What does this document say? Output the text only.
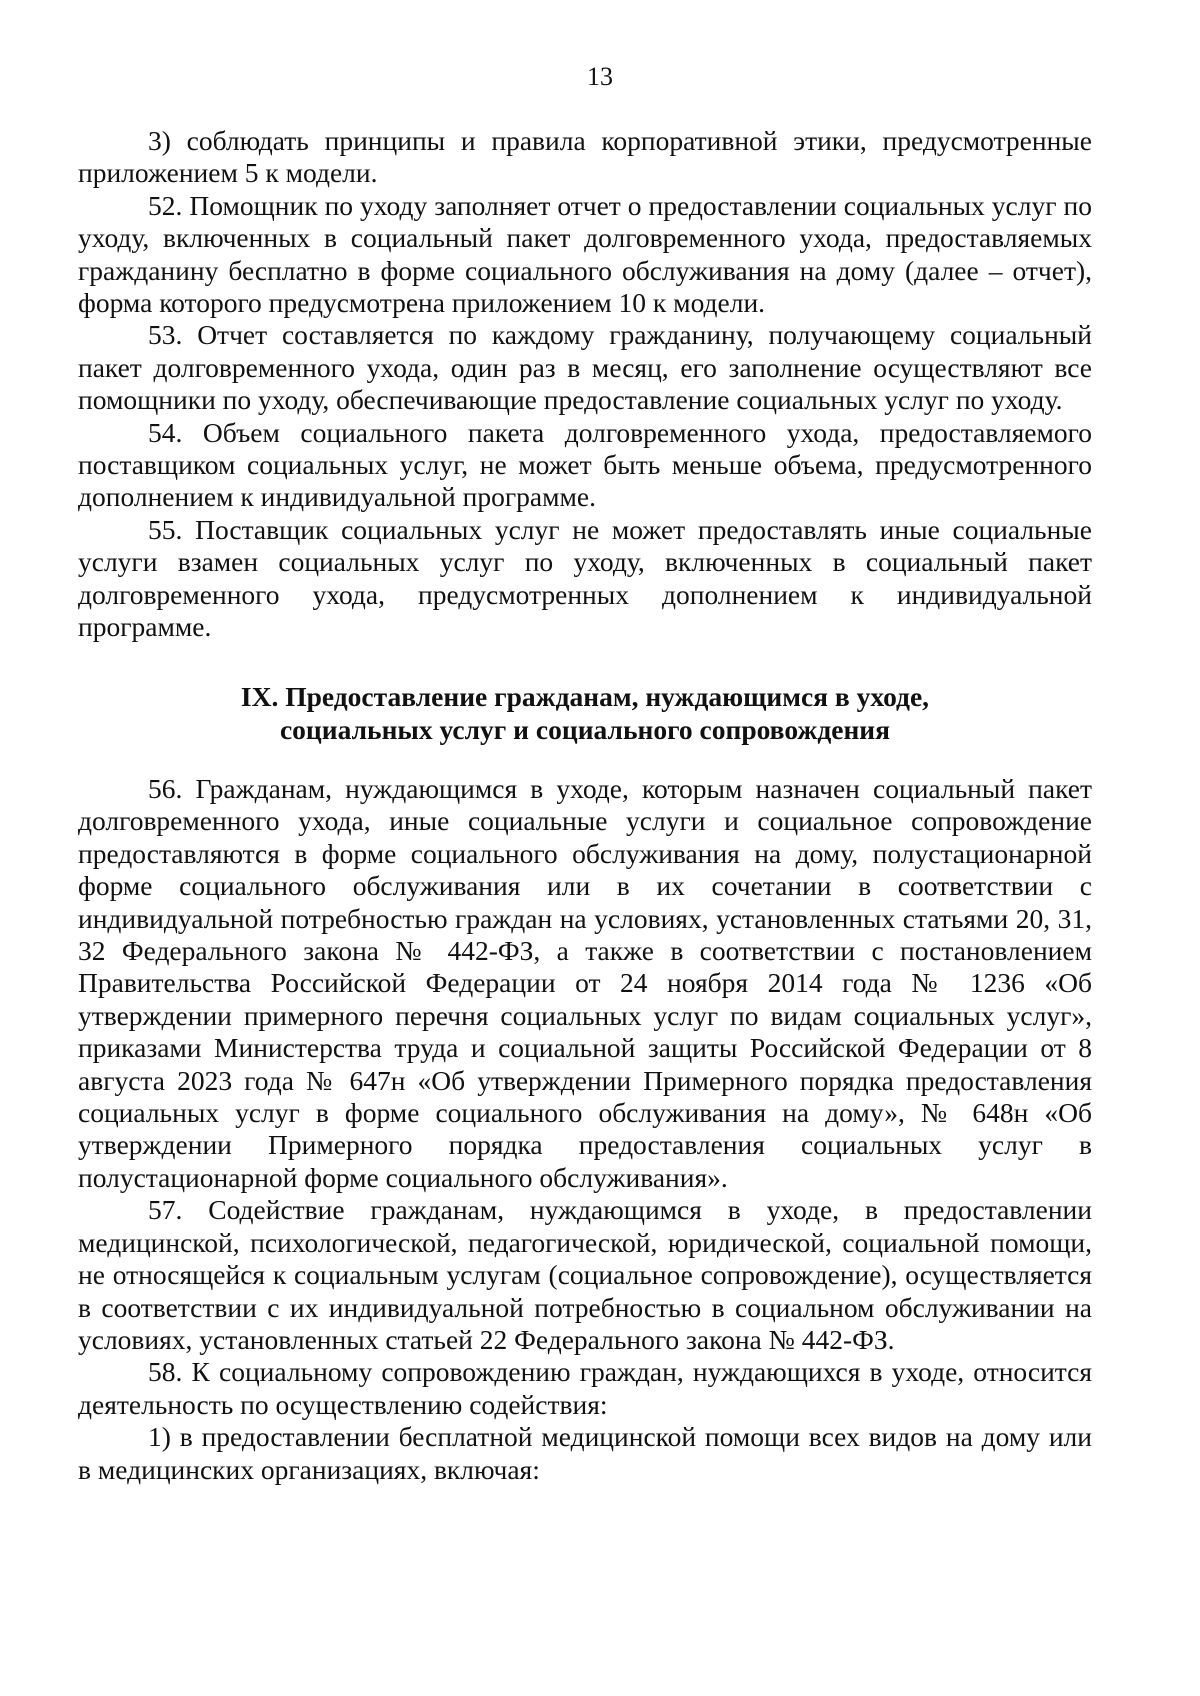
13

3) соблюдать принципы и правила корпоративной этики, предусмотренные приложением 5 к модели.

52. Помощник по уходу заполняет отчет о предоставлении социальных услуг по уходу, включенных в социальный пакет долговременного ухода, предоставляемых гражданину бесплатно в форме социального обслуживания на дому (далее – отчет), форма которого предусмотрена приложением 10 к модели.

53. Отчет составляется по каждому гражданину, получающему социальный пакет долговременного ухода, один раз в месяц, его заполнение осуществляют все помощники по уходу, обеспечивающие предоставление социальных услуг по уходу.

54. Объем социального пакета долговременного ухода, предоставляемого поставщиком социальных услуг, не может быть меньше объема, предусмотренного дополнением к индивидуальной программе.

55. Поставщик социальных услуг не может предоставлять иные социальные услуги взамен социальных услуг по уходу, включенных в социальный пакет долговременного ухода, предусмотренных дополнением к индивидуальной программе.

IX. Предоставление гражданам, нуждающимся в уходе,
социальных услуг и социального сопровождения

56. Гражданам, нуждающимся в уходе, которым назначен социальный пакет долговременного ухода, иные социальные услуги и социальное сопровождение предоставляются в форме социального обслуживания на дому, полустационарной форме социального обслуживания или в их сочетании в соответствии с индивидуальной потребностью граждан на условиях, установленных статьями 20, 31, 32 Федерального закона № 442-ФЗ, а также в соответствии с постановлением Правительства Российской Федерации от 24 ноября 2014 года № 1236 «Об утверждении примерного перечня социальных услуг по видам социальных услуг», приказами Министерства труда и социальной защиты Российской Федерации от 8 августа 2023 года № 647н «Об утверждении Примерного порядка предоставления социальных услуг в форме социального обслуживания на дому», № 648н «Об утверждении Примерного порядка предоставления социальных услуг в полустационарной форме социального обслуживания».

57. Содействие гражданам, нуждающимся в уходе, в предоставлении медицинской, психологической, педагогической, юридической, социальной помощи, не относящейся к социальным услугам (социальное сопровождение), осуществляется в соответствии с их индивидуальной потребностью в социальном обслуживании на условиях, установленных статьей 22 Федерального закона № 442-ФЗ.

58. К социальному сопровождению граждан, нуждающихся в уходе, относится деятельность по осуществлению содействия:

1) в предоставлении бесплатной медицинской помощи всех видов на дому или в медицинских организациях, включая:
